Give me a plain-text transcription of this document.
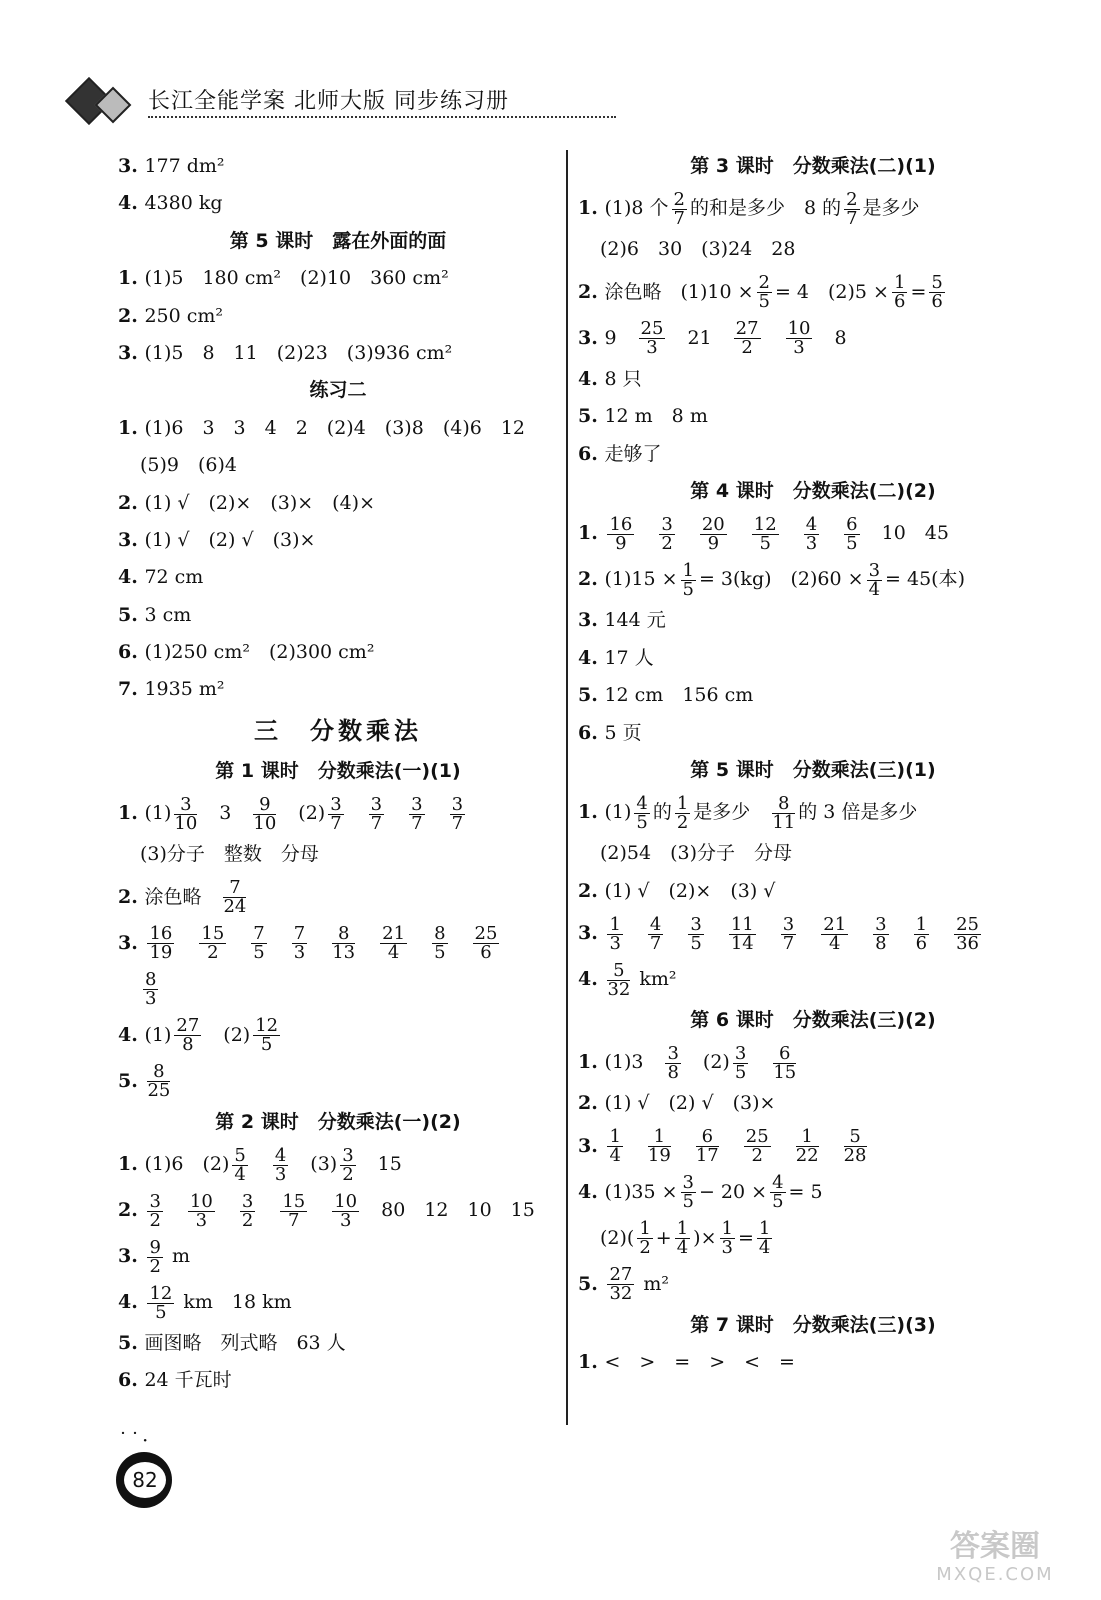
长江全能学案 北师大版 同步练习册
3. 177 dm²
4. 4380 kg
第 5 课时　露在外面的面
1. (1)5　180 cm²　(2)10　360 cm²
2. 250 cm²
3. (1)5　8　11　(2)23　(3)936 cm²
练习二
1. (1)6　3　3　4　2　(2)4　(3)8　(4)6　12
(5)9　(6)4
2. (1) √　(2)×　(3)×　(4)×
3. (1) √　(2) √　(3)×
4. 72 cm
5. 3 cm
6. (1)250 cm²　(2)300 cm²
7. 1935 m²
三　分数乘法
第 1 课时　分数乘法(一)(1)
1. $(1) \frac{3}{10}$ 　3　 $\frac{9}{10}$ 　$(2) \frac{3}{7}$
　 $\frac{3}{7}$
　 $\frac{3}{7}$
　 $\frac{3}{7}$
(3)分子　整数　分母
2. 涂色略　 $\frac{7}{24}$
3. $\frac{16}{19}$
　 $\frac{15}{2}$
　 $\frac{7}{5}$
　 $\frac{7}{3}$
　 $\frac{8}{13}$
　 $\frac{21}{4}$
　 $\frac{8}{5}$
　 $\frac{25}{6}$
$\frac{8}{3}$
4. $(1) \frac{27}{8}$ 　$(2) \frac{12}{5}$
5. $\frac{8}{25}$
第 2 课时　分数乘法(一)(2)
1. (1)6　$(2) \frac{5}{4}$
　 $\frac{4}{3}$ 　$(3) \frac{3}{2}$ 　15
2. $\frac{3}{2}$
　 $\frac{10}{3}$
　 $\frac{3}{2}$
　 $\frac{15}{7}$
　 $\frac{10}{3}$ 　80　12　10　15
3. $\frac{9}{2}$ m
4. $\frac{12}{5}$ km　18 km
5. 画图略　列式略　63 人
6. 24 千瓦时
第 3 课时　分数乘法(二)(1)
1. (1)8 个 $\frac{2}{7}$ 的和是多少　8 的 $\frac{2}{7}$ 是多少
(2)6　30　(3)24　28
2. 涂色略　$(1)10 \times \frac{2}{5} = 4$　$(2)5 \times \frac{1}{6} = \frac{5}{6}$
3. 9　 $\frac{25}{3}$ 　21　 $\frac{27}{2}$
　 $\frac{10}{3}$ 　8
4. 8 只
5. 12 m　8 m
6. 走够了
第 4 课时　分数乘法(二)(2)
1. $\frac{16}{9}$
　 $\frac{3}{2}$
　 $\frac{20}{9}$
　 $\frac{12}{5}$
　 $\frac{4}{3}$
　 $\frac{6}{5}$ 　10　45
2. $(1)15 \times \frac{1}{5} = 3(kg)$　$(2)60 \times \frac{3}{4} = 45$(本)
3. 144 元
4. 17 人
5. 12 cm　156 cm
6. 5 页
第 5 课时　分数乘法(三)(1)
1. $(1) \frac{4}{5}$ 的 $\frac{1}{2}$ 是多少　 $\frac{8}{11}$ 的 3 倍是多少
(2)54　(3)分子　分母
2. (1) √　(2)×　(3) √
3. $\frac{1}{3}$
　 $\frac{4}{7}$
　 $\frac{3}{5}$
　 $\frac{11}{14}$
　 $\frac{3}{7}$
　 $\frac{21}{4}$
　 $\frac{3}{8}$
　 $\frac{1}{6}$
　 $\frac{25}{36}$
4. $\frac{5}{32} km^2$
第 6 课时　分数乘法(三)(2)
1. (1)3　 $\frac{3}{8}$ 　$(2) \frac{3}{5}$
　 $\frac{6}{15}$
2. (1) √　(2) √　(3)×
3. $\frac{1}{4}$
　 $\frac{1}{19}$
　 $\frac{6}{17}$
　 $\frac{25}{2}$
　 $\frac{1}{22}$
　 $\frac{5}{28}$
4. $(1)35 \times \frac{3}{5} - 20 \times \frac{4}{5} = 5$
$(2)( \frac{1}{2} + \frac{1}{4}$ )× $\frac{1}{3} = \frac{1}{4}$
5. $\frac{27}{32} m^2$
第 7 课时　分数乘法(三)(3)
1. <　>　=　>　<　=
˙˙·
82
答案圈
MXQE.COM
